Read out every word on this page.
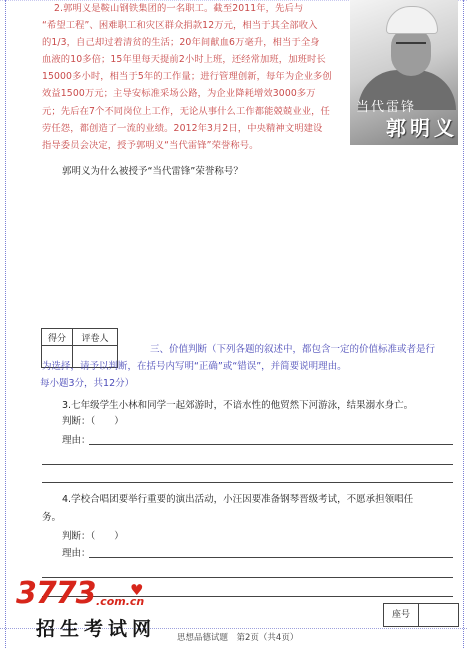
2.郭明义是鞍山钢铁集团的一名职工。截至2011年，先后与
“希望工程”、困难职工和灾区群众捐款12万元，相当于其全部收入
的1/3，自己却过着清贫的生活；20年间献血6万毫升，相当于全身
血液的10多倍；15年里每天提前2小时上班，还经常加班，加班时长
15000多小时，相当于5年的工作量；进行管理创新，每年为企业多创
效益1500万元；主导安标准采场公路，为企业降耗增效3000多万
元；先后在7个不同岗位上工作，无论从事什么工作都能兢兢业业，任
劳任怨，都创造了一流的业绩。2012年3月2日，中央精神文明建设
指导委员会决定，授予郭明义“当代雷锋”荣誉称号。
当代雷锋
郭明义
郭明义为什么被授予“当代雷锋”荣誉称号？
得分	评卷人

三、价值判断（下列各题的叙述中，都包含一定的价值标准或者是行
为选择，请予以判断，在括号内写明“正确”或“错误”，并简要说明理由。
每小题3分，共12分）
3.七年级学生小林和同学一起郊游时，不谙水性的他贸然下河游泳，结果溺水身亡。
判断：（　　）
理由：
4.学校合唱团要举行重要的演出活动，小汪因要准备钢琴晋级考试，不愿承担领唱任
务。
判断：（　　）
理由：
3773 ♥
.com.cn
招生考试网
座号
思想品德试题　第2页（共4页）
